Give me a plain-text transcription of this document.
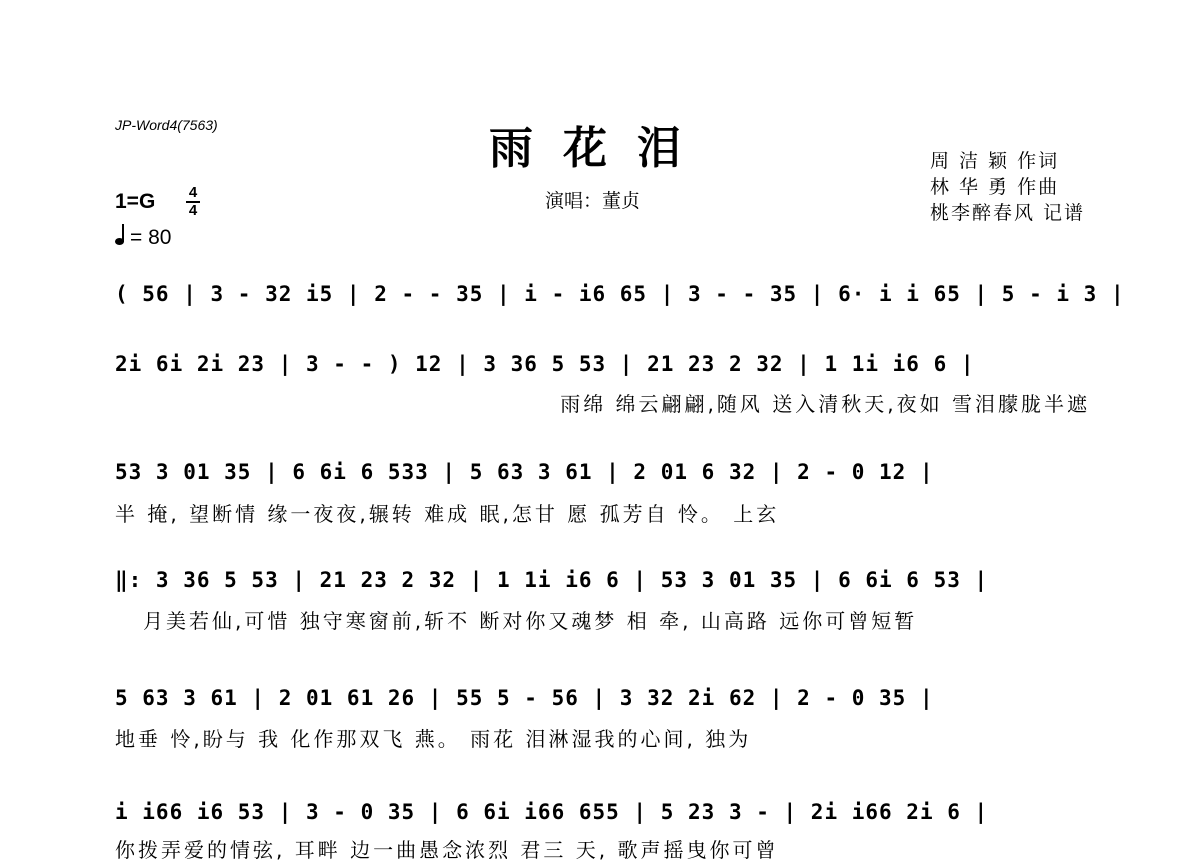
JP-Word4(7563)	雨花泪
演唱：董贞
周 洁 颖 作词
林 华 勇 作曲
桃李醉春风 记谱
1=G 4
4
= 80
( 56 | 3 - 32 i5 | 2 - - 35 | i - i6 65 | 3 - - 35 | 6· i i 65 | 5 - i 3 |
2i 6i 2i 23 | 3 - - ) 12 | 3 36 5 53 | 21 23 2 32 | 1 1i i6 6 |
雨绵 绵云翩翩,随风 送入清秋天,夜如 雪泪朦胧半遮
53 3 01 35 | 6 6i 6 533 | 5 63 3 61 | 2 01 6 32 | 2 - 0 12 |
半 掩, 望断情 缘一夜夜,辗转 难成 眠,怎甘 愿 孤芳自 怜。 上玄
‖: 3 36 5 53 | 21 23 2 32 | 1 1i i6 6 | 53 3 01 35 | 6 6i 6 53 |
月美若仙,可惜 独守寒窗前,斩不 断对你又魂梦 相 牵, 山高路 远你可曾短暂
5 63 3 61 | 2 01 61 26 | 55 5 - 56 | 3 32 2i 62 | 2 - 0 35 |
地垂 怜,盼与 我 化作那双飞 燕。 雨花 泪淋湿我的心间, 独为
i i66 i6 53 | 3 - 0 35 | 6 6i i66 655 | 5 23 3 - | 2i i66 2i 6 |
你拨弄爱的情弦, 耳畔 边一曲愚念浓烈 君三 天, 歌声摇曳你可曾
